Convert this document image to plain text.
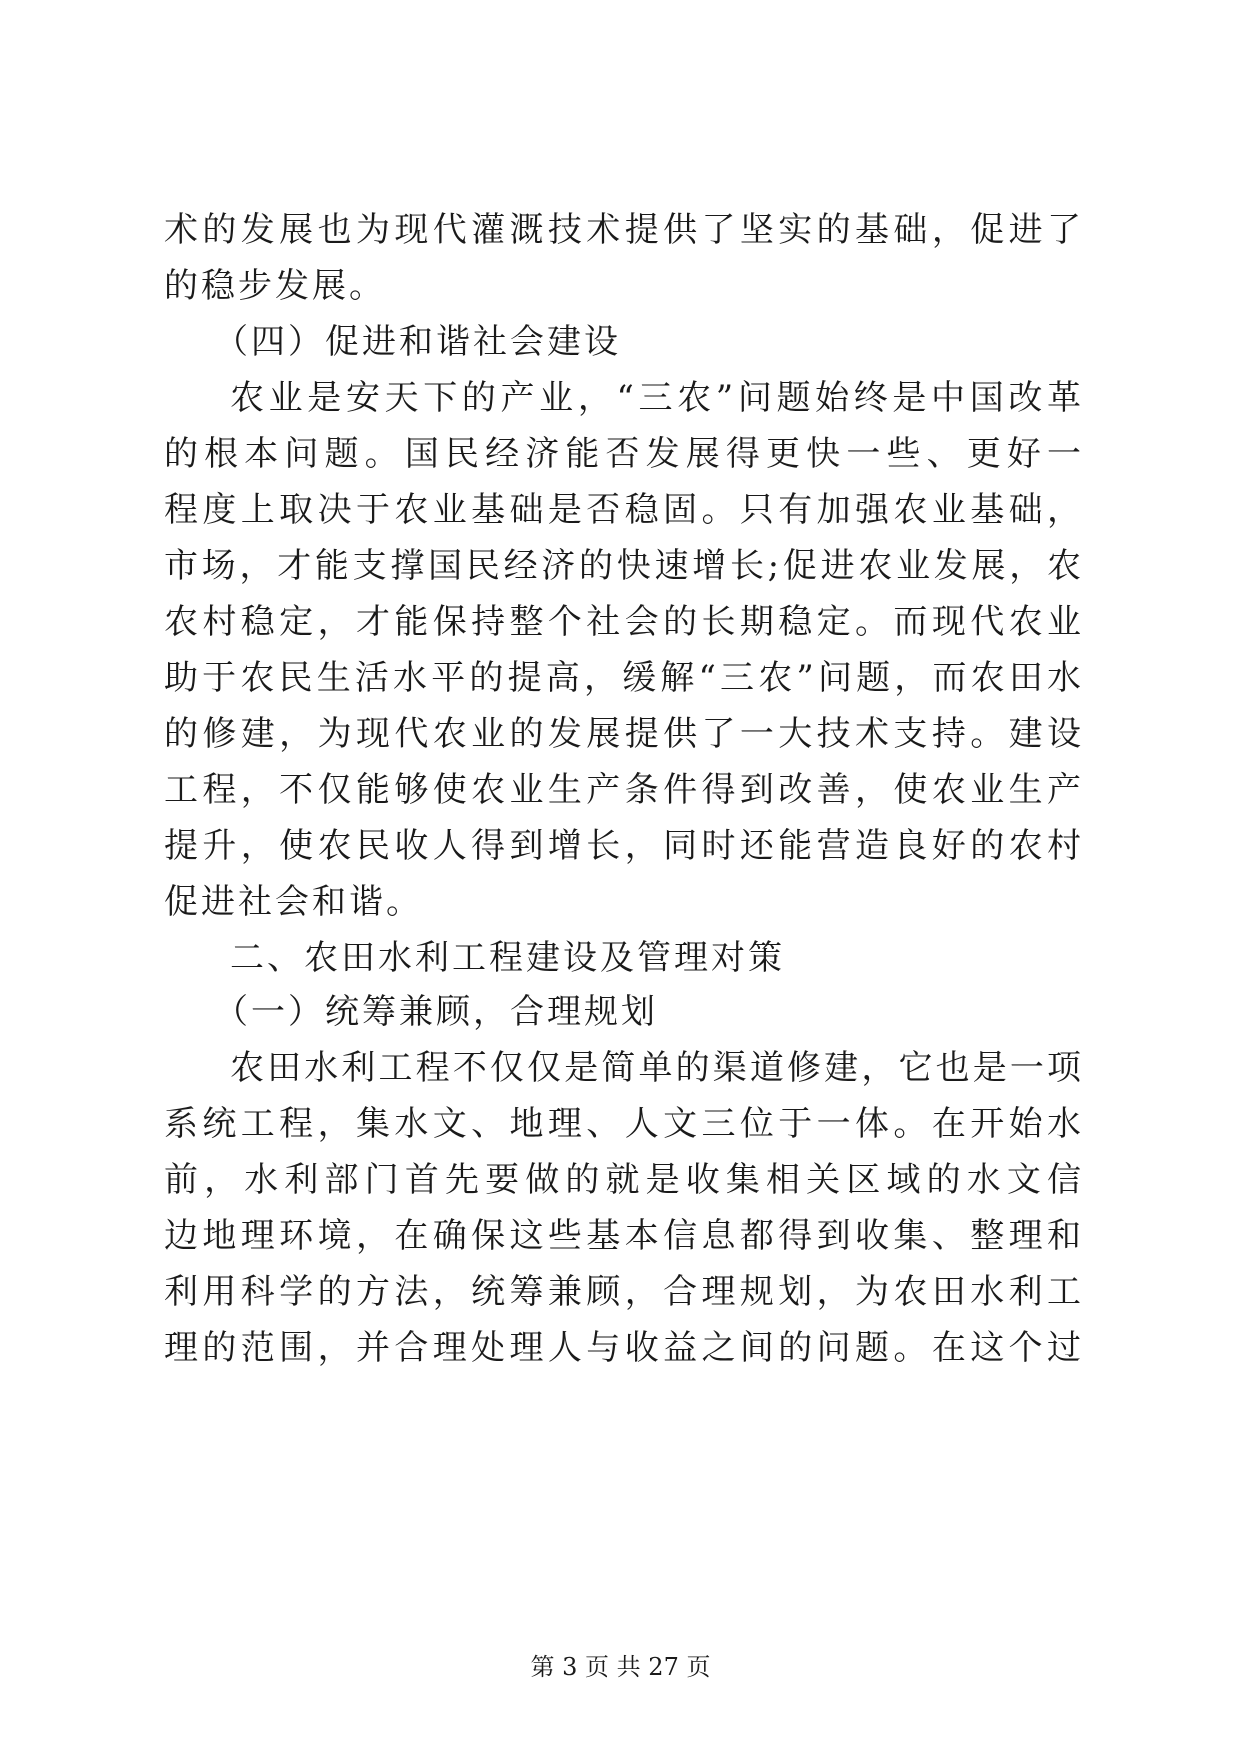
术的发展也为现代灌溉技术提供了坚实的基础，促进了
的稳步发展。
（四）促进和谐社会建设
农业是安天下的产业，“三农”问题始终是中国改革
的根本问题。国民经济能否发展得更快一些、更好一
程度上取决于农业基础是否稳固。只有加强农业基础，
市场，才能支撑国民经济的快速增长;促进农业发展，农
农村稳定，才能保持整个社会的长期稳定。而现代农业
助于农民生活水平的提高，缓解“三农”问题，而农田水
的修建，为现代农业的发展提供了一大技术支持。建设
工程，不仅能够使农业生产条件得到改善，使农业生产
提升，使农民收人得到增长，同时还能营造良好的农村
促进社会和谐。
二、农田水利工程建设及管理对策
（一）统筹兼顾，合理规划
农田水利工程不仅仅是简单的渠道修建，它也是一项
系统工程，集水文、地理、人文三位于一体。在开始水
前，水利部门首先要做的就是收集相关区域的水文信
边地理环境，在确保这些基本信息都得到收集、整理和
利用科学的方法，统筹兼顾，合理规划，为农田水利工
理的范围，并合理处理人与收益之间的问题。在这个过
第 3 页 共 27 页
